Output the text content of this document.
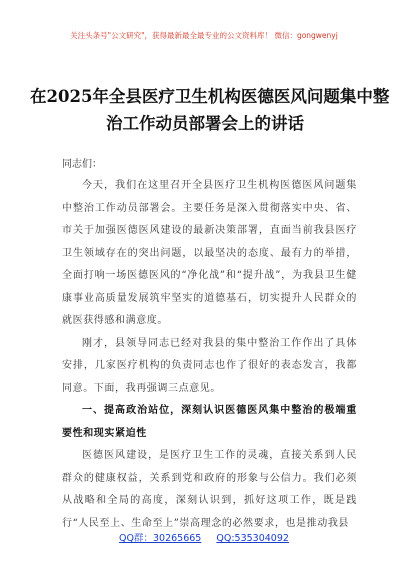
关注头条号"公文研究"，获得最新最全最专业的公文资料库！ 微信：gongwenyj
在2025年全县医疗卫生机构医德医风问题集中整
治工作动员部署会上的讲话
同志们：

今天，我们在这里召开全县医疗卫生机构医德医风问题集中整治工作动员部署会。主要任务是深入贯彻落实中央、省、市关于加强医德医风建设的最新决策部署，直面当前我县医疗卫生领域存在的突出问题，以最坚决的态度、最有力的举措，全面打响一场医德医风的“净化战”和“提升战”，为我县卫生健康事业高质量发展筑牢坚实的道德基石，切实提升人民群众的就医获得感和满意度。

刚才，县领导同志已经对我县的集中整治工作作出了具体安排，几家医疗机构的负责同志也作了很好的表态发言，我都同意。下面，我再强调三点意见。

一、提高政治站位，深刻认识医德医风集中整治的极端重要性和现实紧迫性

医德医风建设，是医疗卫生工作的灵魂，直接关系到人民群众的健康权益，关系到党和政府的形象与公信力。我们必须从战略和全局的高度，深刻认识到，抓好这项工作，既是践行“人民至上、生命至上”崇高理念的必然要求，也是推动我县

QQ群：30265665 QQ:535304092
